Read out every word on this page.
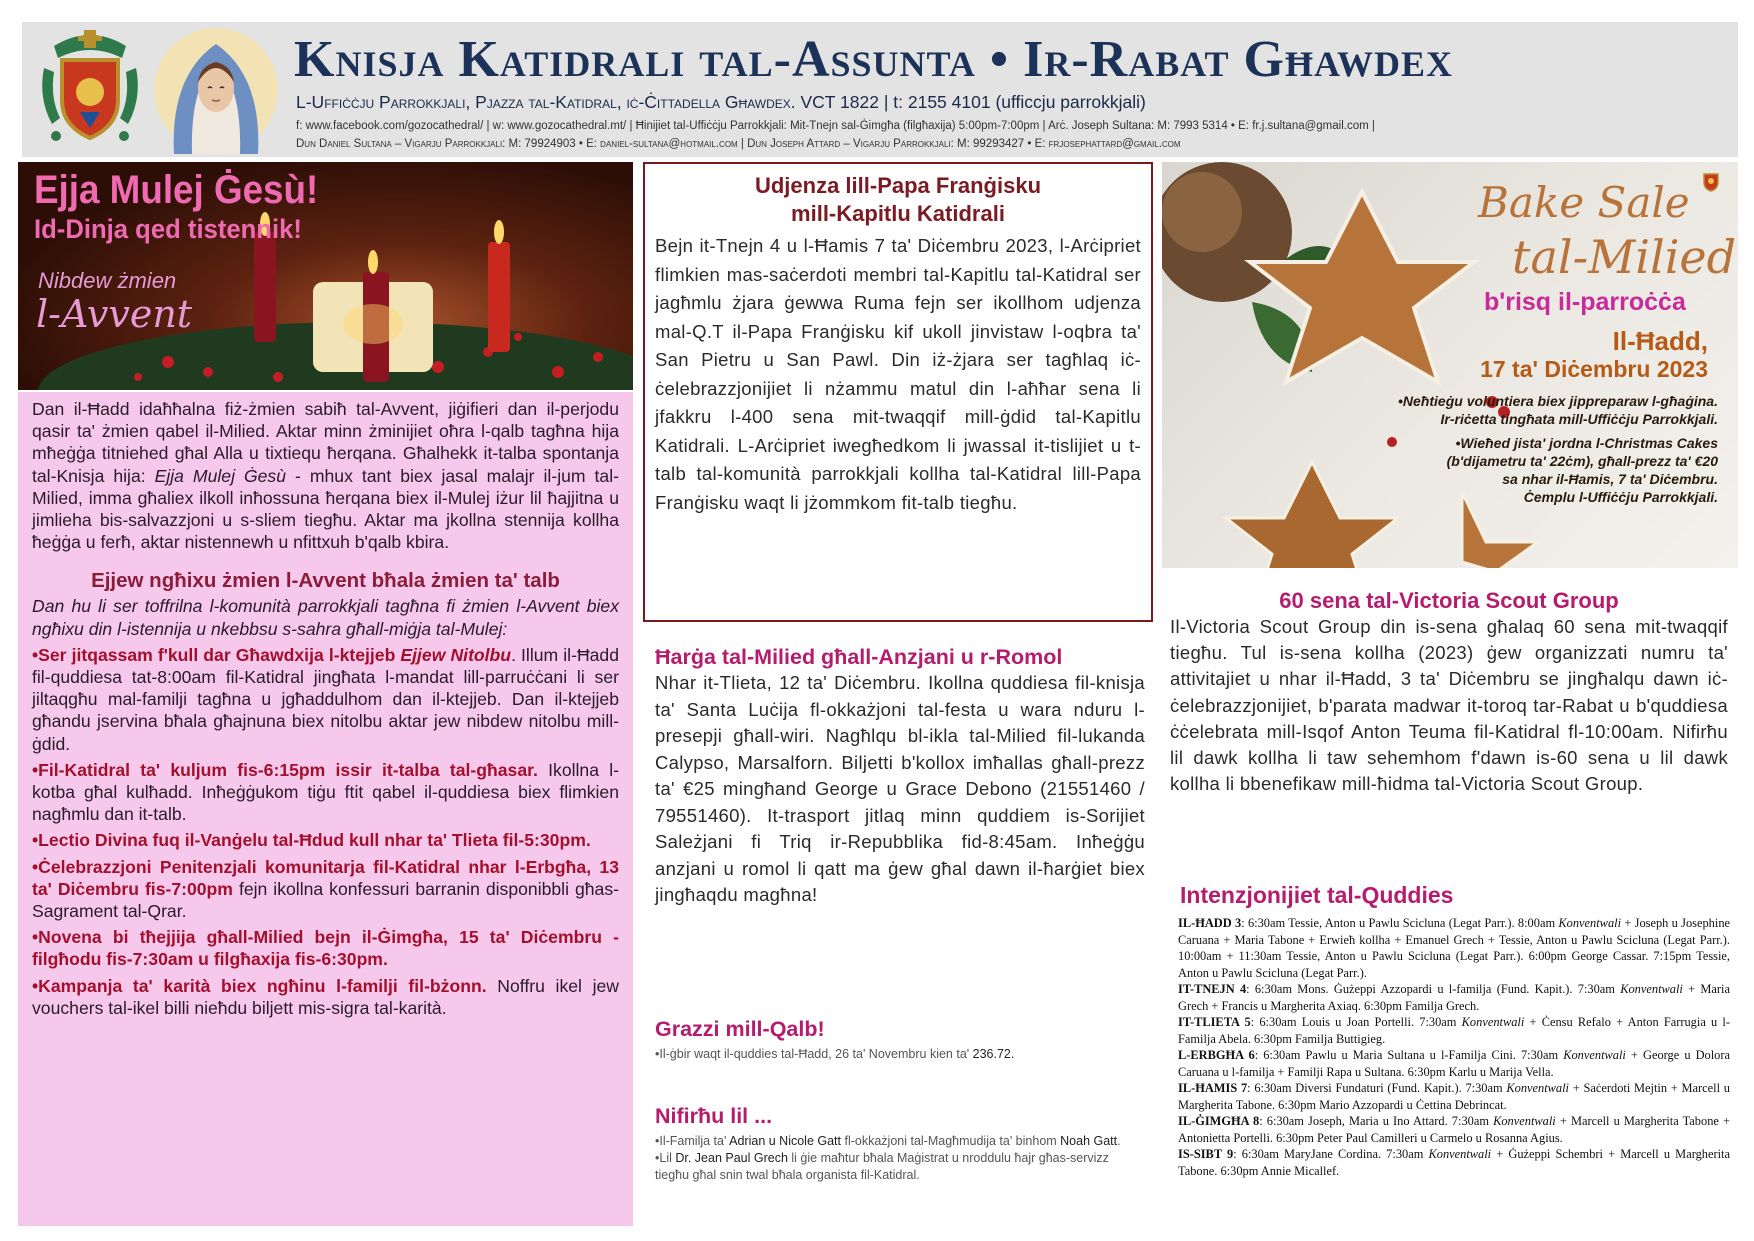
Knisja Katidrali tal-Assunta • Ir-Rabat Għawdex
L-Uffiċċju Parrokkjali, Pjazza tal-Katidral, iċ-Ċittadella Għawdex. VCT 1822 | t: 2155 4101 (ufficcju parrokkjali)
f: www.facebook.com/gozocathedral/ | w: www.gozocathedral.mt/ | Ħinijiet tal-Uffiċċju Parrokkjali: Mit-Tnejn sal-Ġimgħa (filgħaxija) 5:00pm-7:00pm | Arċ. Joseph Sultana: M: 7993 5314 • E: fr.j.sultana@gmail.com |
Dun Daniel Sultana – Vigarju Parrokkjali: M: 79924903 • E: daniel-sultana@hotmail.com | Dun Joseph Attard – Vigarju Parrokkjali: M: 99293427 • E: frjosephattard@gmail.com
Ejja Mulej Ġesù!
Id-Dinja qed tistennik!
Nibdew żmien
l-Avvent

Dan il-Ħadd idaħħalna fiż-żmien sabiħ tal-Avvent, jiġifieri dan il-perjodu qasir ta' żmien qabel il-Milied. Aktar minn żminijiet oħra l-qalb tagħna hija mħeġġa titniehed għal Alla u tixtiequ ħerqana. Għalhekk it-talba spontanja tal-Knisja hija: Ejja Mulej Ġesù - mhux tant biex jasal malajr il-jum tal-Milied, imma għaliex ilkoll inħossuna ħerqana biex il-Mulej iżur lil ħajjitna u jimlieha bis-salvazzjoni u s-sliem tiegħu. Aktar ma jkollna stennija kollha ħeġġa u ferħ, aktar nistennewh u nfittxuh b'qalb kbira.

Ejjew ngħixu żmien l-Avvent bħala żmien ta' talb

Dan hu li ser toffrilna l-komunità parrokkjali tagħna fi żmien l-Avvent biex ngħixu din l-istennija u nkebbsu s-sahra għall-miġja tal-Mulej:

•Ser jitqassam f'kull dar Għawdxija l-ktejjeb Ejjew Nitolbu. Illum il-Ħadd fil-quddiesa tat-8:00am fil-Katidral jingħata l-mandat lill-parruċċani li ser jiltaqgħu mal-familji tagħna u jgħaddulhom dan il-ktejjeb. Dan il-ktejjeb għandu jservina bħala għajnuna biex nitolbu aktar jew nibdew nitolbu mill-ġdid.

•Fil-Katidral ta' kuljum fis-6:15pm issir it-talba tal-għasar. Ikollna l-kotba għal kulħadd. Inħeġġukom tiġu ftit qabel il-quddiesa biex flimkien nagħmlu dan it-talb.

•Lectio Divina fuq il-Vanġelu tal-Ħdud kull nhar ta' Tlieta fil-5:30pm.

•Ċelebrazzjoni Penitenzjali komunitarja fil-Katidral nhar l-Erbgħa, 13 ta' Diċembru fis-7:00pm fejn ikollna konfessuri barranin disponibbli għas-Sagrament tal-Qrar.

•Novena bi tħejjija għall-Milied bejn il-Ġimgħa, 15 ta' Diċembru - filgħodu fis-7:30am u filgħaxija fis-6:30pm.

•Kampanja ta' karità biex ngħinu l-familji fil-bżonn. Noffru ikel jew vouchers tal-ikel billi nieħdu biljett mis-sigra tal-karità.

Udjenza lill-Papa Franġisku
mill-Kapitlu Katidrali

Bejn it-Tnejn 4 u l-Ħamis 7 ta' Diċembru 2023, l-Arċipriet flimkien mas-saċerdoti membri tal-Kapitlu tal-Katidral ser jagħmlu żjara ġewwa Ruma fejn ser ikollhom udjenza mal-Q.T il-Papa Franġisku kif ukoll jinvistaw l-oqbra ta' San Pietru u San Pawl. Din iż-żjara ser tagħlaq iċ-ċelebrazzjonijiet li nżammu matul din l-aħħar sena li jfakkru l-400 sena mit-twaqqif mill-ġdid tal-Kapitlu Katidrali. L-Arċipriet iwegħedkom li jwassal it-tislijiet u t-talb tal-komunità parrokkjali kollha tal-Katidral lill-Papa Franġisku waqt li jżommkom fit-talb tiegħu.

Ħarġa tal-Milied għall-Anzjani u r-Romol

Nhar it-Tlieta, 12 ta' Diċembru. Ikollna quddiesa fil-knisja ta' Santa Luċija fl-okkażjoni tal-festa u wara nduru l-presepji għall-wiri. Nagħlqu bl-ikla tal-Milied fil-lukanda Calypso, Marsalforn. Biljetti b'kollox imħallas għall-prezz ta' €25 mingħand George u Grace Debono (21551460 / 79551460). It-trasport jitlaq minn quddiem is-Sorijiet Sależjani fi Triq ir-Repubblika fid-8:45am. Inħeġġu anzjani u romol li qatt ma ġew għal dawn il-ħarġiet biex jingħaqdu magħna!

Grazzi mill-Qalb!

•Il-ġbir waqt il-quddies tal-Ħadd, 26 ta' Novembru kien ta' 236.72.

Nifirħu lil ...

•Il-Familja ta' Adrian u Nicole Gatt fl-okkażjoni tal-Magħmudija ta' binhom Noah Gatt.

•Lil Dr. Jean Paul Grech li ġie maħtur bħala Maġistrat u nroddulu ħajr għas-servizz tiegħu għal snin twal bħala organista fil-Katidral.

Bake Sale
tal-Milied
b'risq il-parroċċa
Il-Ħadd,
17 ta' Diċembru 2023
•Neħtieġu voluntiera biex jippreparaw l-għaġina.
Ir-riċetta tingħata mill-Uffiċċju Parrokkjali.
•Wieħed jista' jordna l-Christmas Cakes
(b'dijametru ta' 22ċm), għall-prezz ta' €20
sa nhar il-Ħamis, 7 ta' Diċembru.
Ċemplu l-Uffiċċju Parrokkjali.
60 sena tal-Victoria Scout Group

Il-Victoria Scout Group din is-sena għalaq 60 sena mit-twaqqif tiegħu. Tul is-sena kollha (2023) ġew organizzati numru ta' attivitajiet u nhar il-Ħadd, 3 ta' Diċembru se jingħalqu dawn iċ-ċelebrazzjonijiet, b'parata madwar it-toroq tar-Rabat u b'quddiesa ċċelebrata mill-Isqof Anton Teuma fil-Katidral fl-10:00am. Nifirħu lil dawk kollha li taw sehemhom f'dawn is-60 sena u lil dawk kollha li bbenefikaw mill-ħidma tal-Victoria Scout Group.

Intenzjonijiet tal-Quddies

IL-ĦADD 3: 6:30am Tessie, Anton u Pawlu Scicluna (Legat Parr.). 8:00am Konventwali + Joseph u Josephine Caruana + Maria Tabone + Erwieħ kollha + Emanuel Grech + Tessie, Anton u Pawlu Scicluna (Legat Parr.). 10:00am + 11:30am Tessie, Anton u Pawlu Scicluna (Legat Parr.). 6:00pm George Cassar. 7:15pm Tessie, Anton u Pawlu Scicluna (Legat Parr.).

IT-TNEJN 4: 6:30am Mons. Ġużeppi Azzopardi u l-familja (Fund. Kapit.). 7:30am Konventwali + Maria Grech + Francis u Margherita Axiaq. 6:30pm Familja Grech.

IT-TLIETA 5: 6:30am Louis u Joan Portelli. 7:30am Konventwali + Ċensu Refalo + Anton Farrugia u l-Familja Abela. 6:30pm Familja Buttigieg.

L-ERBGĦA 6: 6:30am Pawlu u Maria Sultana u l-Familja Cini. 7:30am Konventwali + George u Dolora Caruana u l-familja + Familji Rapa u Sultana. 6:30pm Karlu u Marija Vella.

IL-ĦAMIS 7: 6:30am Diversi Fundaturi (Fund. Kapit.). 7:30am Konventwali + Saċerdoti Mejtin + Marcell u Margherita Tabone. 6:30pm Mario Azzopardi u Ċettina Debrincat.

IL-ĠIMGĦA 8: 6:30am Joseph, Maria u Ino Attard. 7:30am Konventwali + Marcell u Margherita Tabone + Antonietta Portelli. 6:30pm Peter Paul Camilleri u Carmelo u Rosanna Agius.

IS-SIBT 9: 6:30am MaryJane Cordina. 7:30am Konventwali + Ġużeppi Schembri + Marcell u Margherita Tabone. 6:30pm Annie Micallef.
